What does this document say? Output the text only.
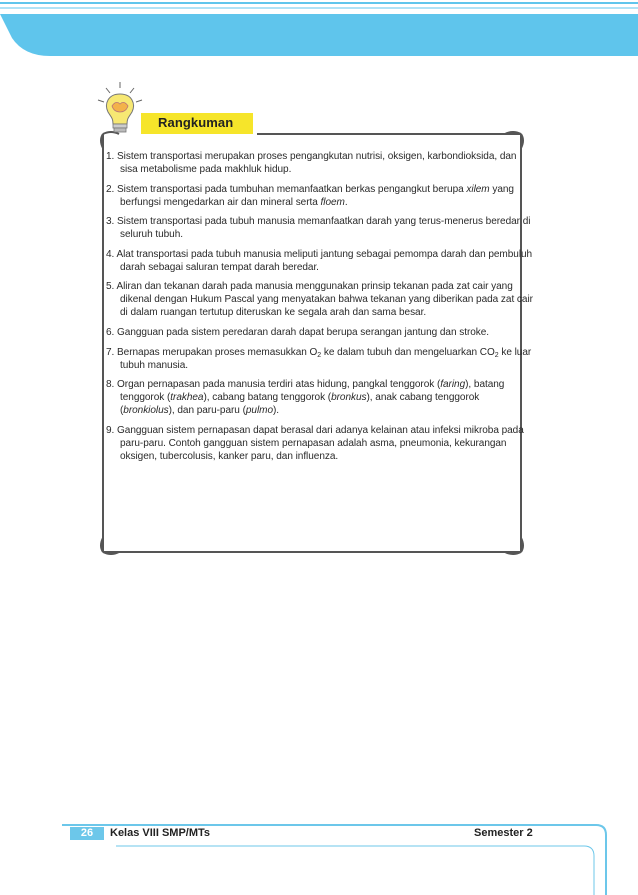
Rangkuman
1. Sistem transportasi merupakan proses pengangkutan nutrisi, oksigen, karbondioksida, dan sisa metabolisme pada makhluk hidup.
2. Sistem transportasi pada tumbuhan memanfaatkan berkas pengangkut berupa xilem yang berfungsi mengedarkan air dan mineral serta floem.
3. Sistem transportasi pada tubuh manusia memanfaatkan darah yang terus-menerus beredar di seluruh tubuh.
4. Alat transportasi pada tubuh manusia meliputi jantung sebagai pemompa darah dan pembuluh darah sebagai saluran tempat darah beredar.
5. Aliran dan tekanan darah pada manusia menggunakan prinsip tekanan pada zat cair yang dikenal dengan Hukum Pascal yang menyatakan bahwa tekanan yang diberikan pada zat cair di dalam ruangan tertutup diteruskan ke segala arah dan sama besar.
6. Gangguan pada sistem peredaran darah dapat berupa serangan jantung dan stroke.
7. Bernapas merupakan proses memasukkan $O_2$ ke dalam tubuh dan mengeluarkan $CO_2$ ke luar tubuh manusia.
8. Organ pernapasan pada manusia terdiri atas hidung, pangkal tenggorok (faring), batang tenggorok (trakhea), cabang batang tenggorok (bronkus), anak cabang tenggorok (bronkiolus), dan paru-paru (pulmo).
9. Gangguan sistem pernapasan dapat berasal dari adanya kelainan atau infeksi mikroba pada paru-paru. Contoh gangguan sistem pernapasan adalah asma, pneumonia, kekurangan oksigen, tubercolusis, kanker paru, dan influenza.
26	Kelas VIII SMP/MTs	Semester 2
